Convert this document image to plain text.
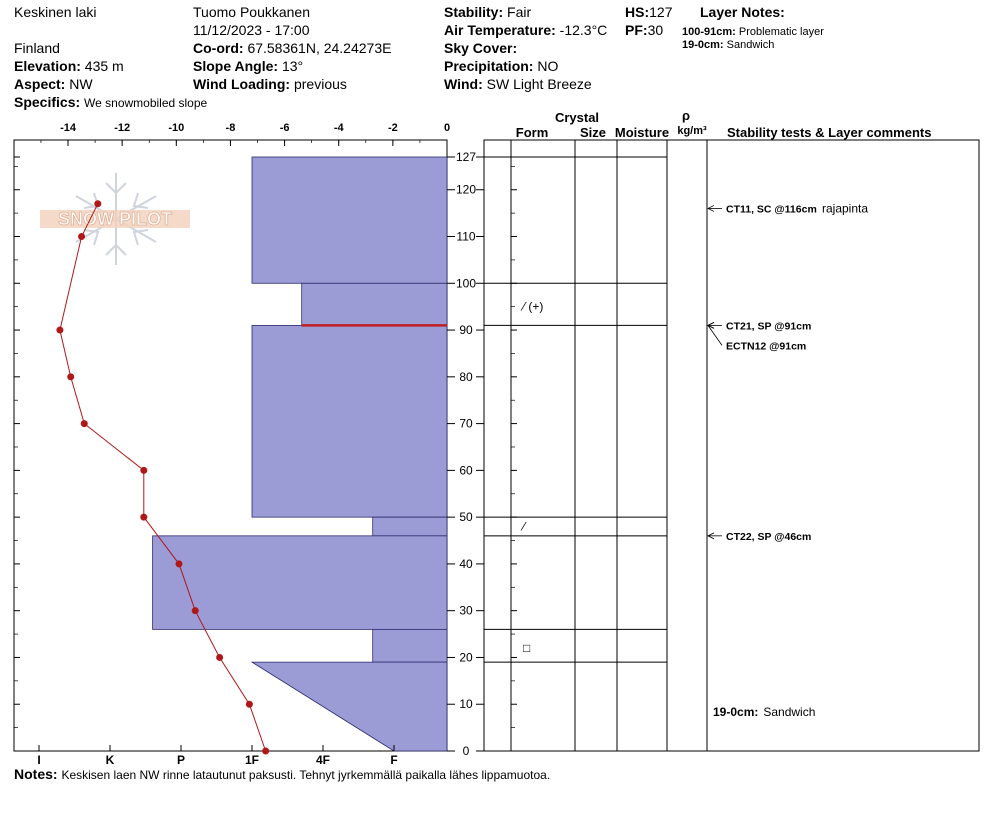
Keskinen laki
Finland
Elevation: 435 m
Aspect: NW
Specifics: We snowmobiled slope
Tuomo Poukkanen
11/12/2023 - 17:00
Co-ord: 67.58361N, 24.24273E
Slope Angle: 13°
Wind Loading: previous
Stability: Fair
Air Temperature: -12.3°C
Sky Cover:
Precipitation: NO
Wind: SW Light Breeze
HS:127
PF:30
Layer Notes:
100-91cm: Problematic layer
19-0cm: Sandwich
SNOW PILOT
-14	-12	-10	-8	-6	-4	-2	0
0
10
20
30
40
50
60
70
80
90
100
110
120
127
I	K	P	1F	4F	F
⁄ (+)
⁄
□
CT11, SC @116cm rajapinta
CT21, SP @91cm
ECTN12 @91cm
CT22, SP @46cm
Crystal
Form Size Moisture
ρ
kg/m³ Stability tests & Layer comments
19-0cm: Sandwich
Notes: Keskisen laen NW rinne latautunut paksusti. Tehnyt jyrkemmällä paikalla lähes lippamuotoa.
